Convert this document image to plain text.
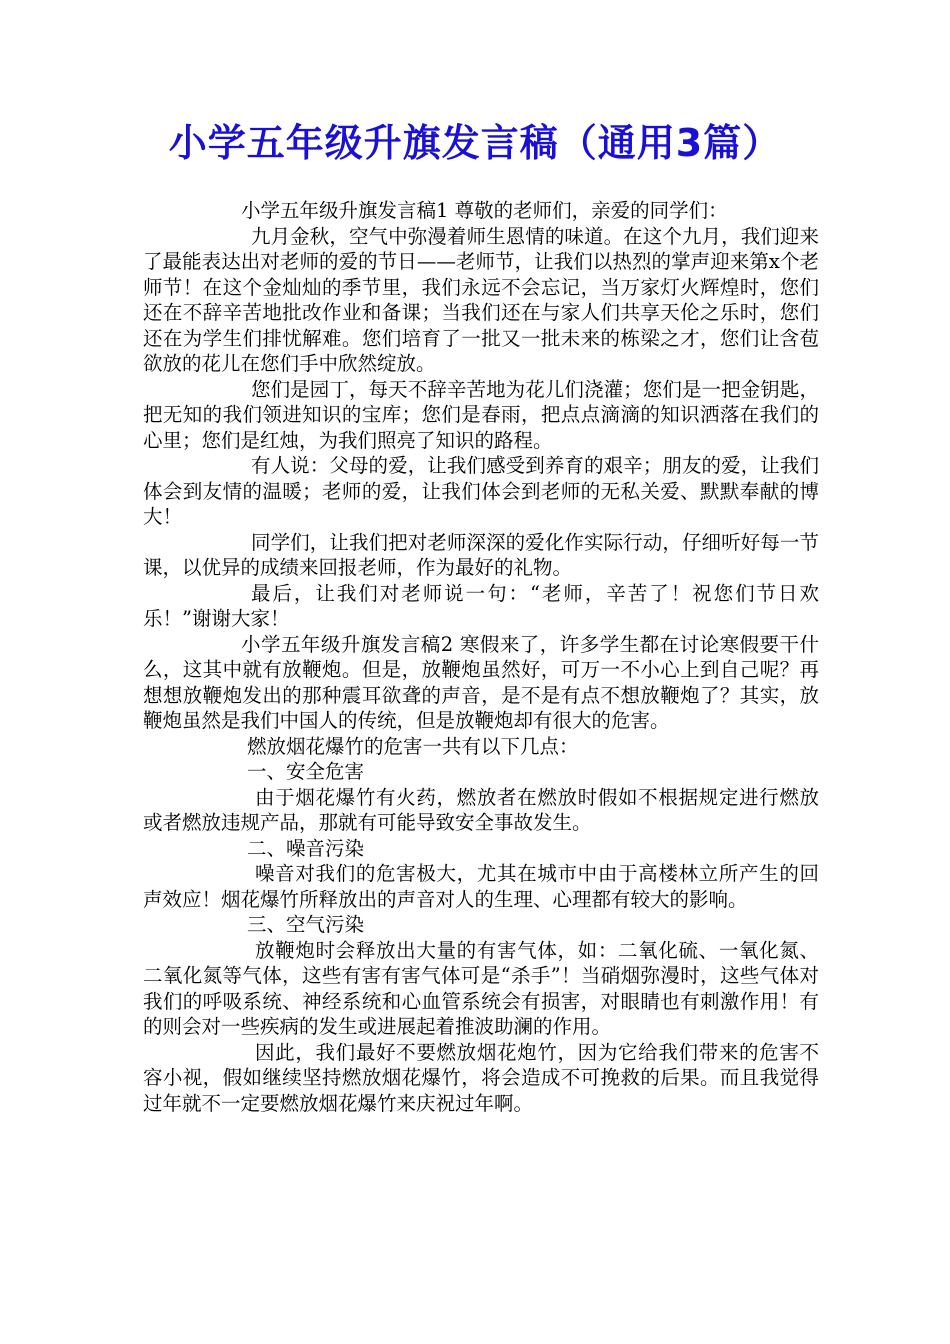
小学五年级升旗发言稿（通用3篇）

小学五年级升旗发言稿1 尊敬的老师们，亲爱的同学们：

九月金秋，空气中弥漫着师生恩情的味道。在这个九月，我们迎来了最能表达出对老师的爱的节日——老师节，让我们以热烈的掌声迎来第x个老师节！在这个金灿灿的季节里，我们永远不会忘记，当万家灯火辉煌时，您们还在不辞辛苦地批改作业和备课；当我们还在与家人们共享天伦之乐时，您们还在为学生们排忧解难。您们培育了一批又一批未来的栋梁之才，您们让含苞欲放的花儿在您们手中欣然绽放。

您们是园丁，每天不辞辛苦地为花儿们浇灌；您们是一把金钥匙，把无知的我们领进知识的宝库；您们是春雨，把点点滴滴的知识洒落在我们的心里；您们是红烛，为我们照亮了知识的路程。

有人说：父母的爱，让我们感受到养育的艰辛；朋友的爱，让我们体会到友情的温暖；老师的爱，让我们体会到老师的无私关爱、默默奉献的博大！

同学们，让我们把对老师深深的爱化作实际行动，仔细听好每一节课，以优异的成绩来回报老师，作为最好的礼物。

最后，让我们对老师说一句：“老师，辛苦了！祝您们节日欢乐！”谢谢大家！

小学五年级升旗发言稿2 寒假来了，许多学生都在讨论寒假要干什么，这其中就有放鞭炮。但是，放鞭炮虽然好，可万一不小心上到自己呢？再想想放鞭炮发出的那种震耳欲聋的声音，是不是有点不想放鞭炮了？其实，放鞭炮虽然是我们中国人的传统，但是放鞭炮却有很大的危害。

燃放烟花爆竹的危害一共有以下几点：

一、安全危害

由于烟花爆竹有火药，燃放者在燃放时假如不根据规定进行燃放或者燃放违规产品，那就有可能导致安全事故发生。

二、噪音污染

噪音对我们的危害极大，尤其在城市中由于高楼林立所产生的回声效应！烟花爆竹所释放出的声音对人的生理、心理都有较大的影响。

三、空气污染

放鞭炮时会释放出大量的有害气体，如：二氧化硫、一氧化氮、二氧化氮等气体，这些有害有害气体可是“杀手”！当硝烟弥漫时，这些气体对我们的呼吸系统、神经系统和心血管系统会有损害，对眼睛也有刺激作用！有的则会对一些疾病的发生或进展起着推波助澜的作用。

因此，我们最好不要燃放烟花炮竹，因为它给我们带来的危害不容小视，假如继续坚持燃放烟花爆竹，将会造成不可挽救的后果。而且我觉得过年就不一定要燃放烟花爆竹来庆祝过年啊。
